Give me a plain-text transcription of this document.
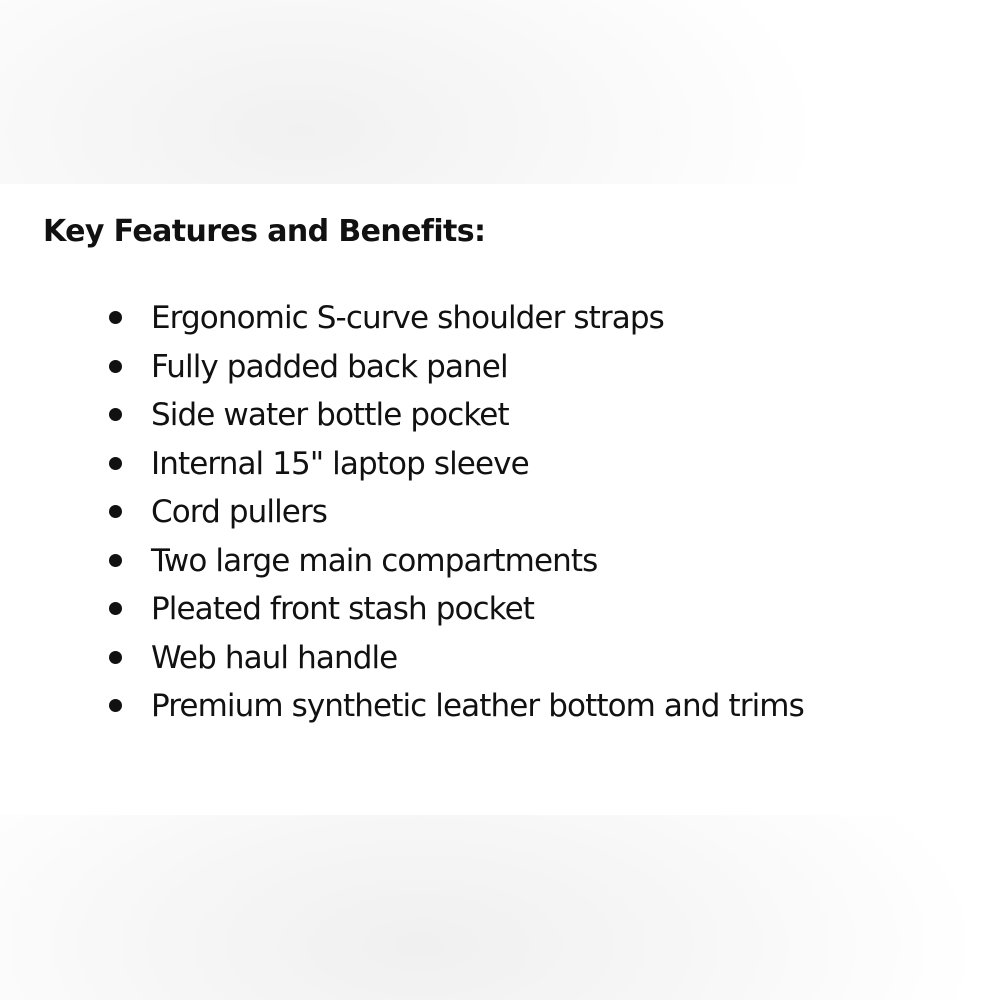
Key Features and Benefits:
Ergonomic S-curve shoulder straps
Fully padded back panel
Side water bottle pocket
Internal 15" laptop sleeve
Cord pullers
Two large main compartments
Pleated front stash pocket
Web haul handle
Premium synthetic leather bottom and trims
